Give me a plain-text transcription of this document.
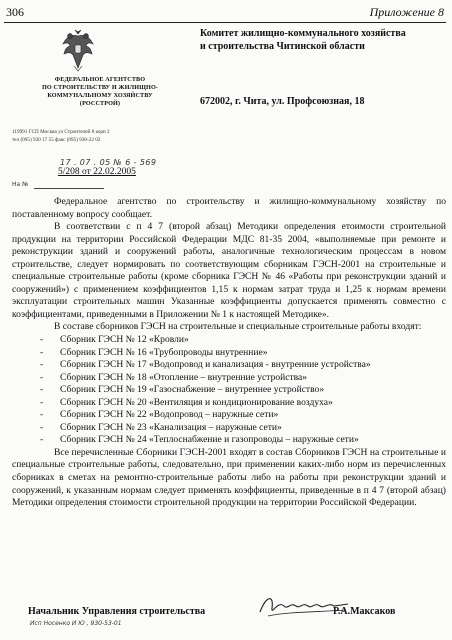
306	Приложение 8
ФЕДЕРАЛЬНОЕ АГЕНТСТВО
ПО СТРОИТЕЛЬСТВУ И ЖИЛИЩНО-
КОММУНАЛЬНОМУ ХОЗЯЙСТВУ
(РОССТРОЙ)
119991 ГСП Москва ул Строителей 8 корп 2
тел (095) 930 17 55 факс (095) 930-22 02
Комитет жилищно-коммунального хозяйства
и строительства Читинской области
672002, г. Чита, ул. Профсоюзная, 18
17 . 07 . 05 № 6 - 569
5/208 от 22.02.2005
На №

Федеральное агентство по строительству и жилищно-коммунальному хозяйству по поставленному вопросу сообщает.

В соответствии с п 4 7 (второй абзац) Методики определения етоимости строительной продукции на территории Российской Федерации МДС 81-35 2004, «выполняемые при ремонте и реконструкции зданий и сооружений работы, аналогичные технологическим процессам в новом строительстве, следует нормировать по соответствующим сборникам ГЭСН-2001 на строительные и специальные строительные работы (кроме сборника ГЭСН № 46 «Работы при реконструкции зданий и сооружений») с применением коэффициентов 1,15 к нормам затрат труда и 1,25 к нормам времени эксплуатации строительных машин Указанные коэффициенты допускается применять совместно с коэффициентами, приведенными в Приложении № 1 к настоящей Методике».

В составе сборников ГЭСН на строительные и специальные строительные работы входят:

- Сборник ГЭСН № 12 «Кровли»
- Сборник ГЭСН № 16 «Трубопроводы внутренние»
- Сборник ГЭСН № 17 «Водопровод и канализация - внутренние устройства»
- Сборник ГЭСН № 18 «Отопление – внутренние устройства»
- Сборник ГЭСН № 19 «Газоснабжение – внутреннее устройство»
- Сборник ГЭСН № 20 «Вентиляция и кондиционирование воздуха»
- Сборник ГЭСН № 22 «Водопровод – наружные сети»
- Сборник ГЭСН № 23 «Канализация – наружные сети»
- Сборник ГЭСН № 24 «Теплоснабжение и газопроводы – наружные сети»

Все перечисленные Сборники ГЭСН-2001 входят в состав Сборников ГЭСН на строительные и специальные строительные работы, следовательно, при применении каких-либо норм из перечисленных сборниках в сметах на ремонтно-строительные работы либо на работы при реконструкции зданий и сооружений, к указанным нормам следует применять коэффициенты, приведенные в п 4 7 (второй абзац) Методики определения стоимости строительной продукции на территории Российской Федерации.

Начальник Управления строительства	Р.А.Максаков
Исп Носенко И Ю , 930-53-01
